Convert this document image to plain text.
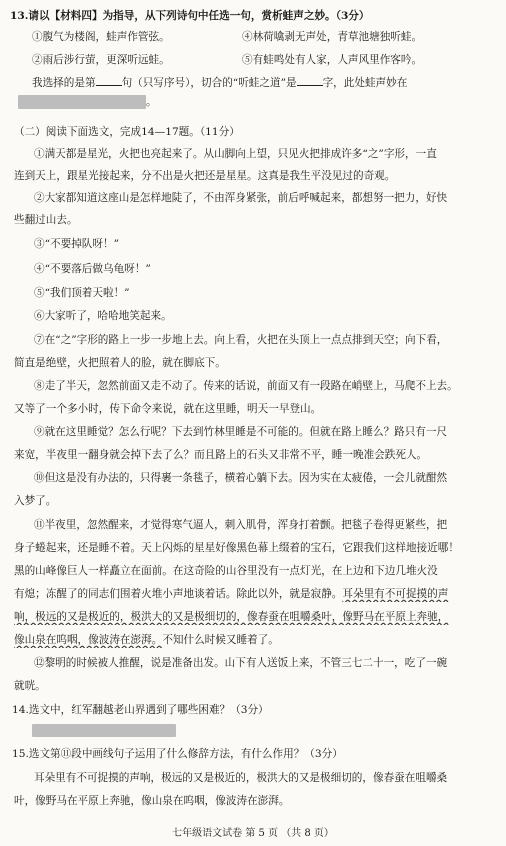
13.请以【材料四】为指导，从下列诗句中任选一句，赏析蛙声之妙。（3分）
①腹气为楼阁，蛙声作管弦。	④林荷噙剥无声处，青草池塘独听蛙。
②雨后涉行萤，更深听远蛙。	⑤有蛙鸣处有人家，人声风里作客吟。
我选择的是第 句（只写序号），切合的“听蛙之道”是 字，此处蛙声妙在
。
（二）阅读下面选文，完成14—17题。（11分）
①满天都是星光，火把也亮起来了。从山脚向上望，只见火把排成许多“之”字形，一直
连到天上，跟星光接起来，分不出是火把还是星星。这真是我生平没见过的奇观。
②大家都知道这座山是怎样地陡了，不由浑身紧张，前后呼喊起来，都想努一把力，好快
些翻过山去。
③“不要掉队呀！”
④“不要落后做乌龟呀！”
⑤“我们顶着天啦！”
⑥大家听了，哈哈地笑起来。
⑦在“之”字形的路上一步一步地上去。向上看，火把在头顶上一点点排到天空；向下看，
简直是绝壁，火把照着人的脸，就在脚底下。
⑧走了半天，忽然前面又走不动了。传来的话说，前面又有一段路在峭壁上，马爬不上去。
又等了一个多小时，传下命令来说，就在这里睡，明天一早登山。
⑨就在这里睡觉？怎么行呢？下去到竹林里睡是不可能的。但就在路上睡么？路只有一尺
来宽，半夜里一翻身就会掉下去了么？而且路上的石头又非常不平，睡一晚准会跌死人。
⑩但这是没有办法的，只得裹一条毯子，横着心躺下去。因为实在太疲倦，一会儿就酣然
入梦了。
⑪半夜里，忽然醒来，才觉得寒气逼人，刺入肌骨，浑身打着颤。把毯子卷得更紧些，把
身子蜷起来，还是睡不着。天上闪烁的星星好像黑色幕上缀着的宝石，它跟我们这样地接近哪！
黑的山峰像巨人一样矗立在面前。在这奇险的山谷里没有一点灯光，在上边和下边几堆火没
有熄；冻醒了的同志们围着火堆小声地谈着话。除此以外，就是寂静。耳朵里有不可捉摸的声
响，极远的又是极近的，极洪大的又是极细切的，像春蚕在咀嚼桑叶，像野马在平原上奔驰，
像山泉在呜咽，像波涛在澎湃。不知什么时候又睡着了。
⑫黎明的时候被人推醒，说是准备出发。山下有人送饭上来，不管三七二十一，吃了一碗
就咣。
14.选文中，红军翻越老山界遇到了哪些困难？（3分）
15.选文第⑪段中画线句子运用了什么修辞方法，有什么作用？（3分）
耳朵里有不可捉摸的声响，极远的又是极近的，极洪大的又是极细切的，像春蚕在咀嚼桑
叶，像野马在平原上奔驰，像山泉在呜咽，像波涛在澎湃。
七年级语文试卷 第 5 页 （共 8 页）
